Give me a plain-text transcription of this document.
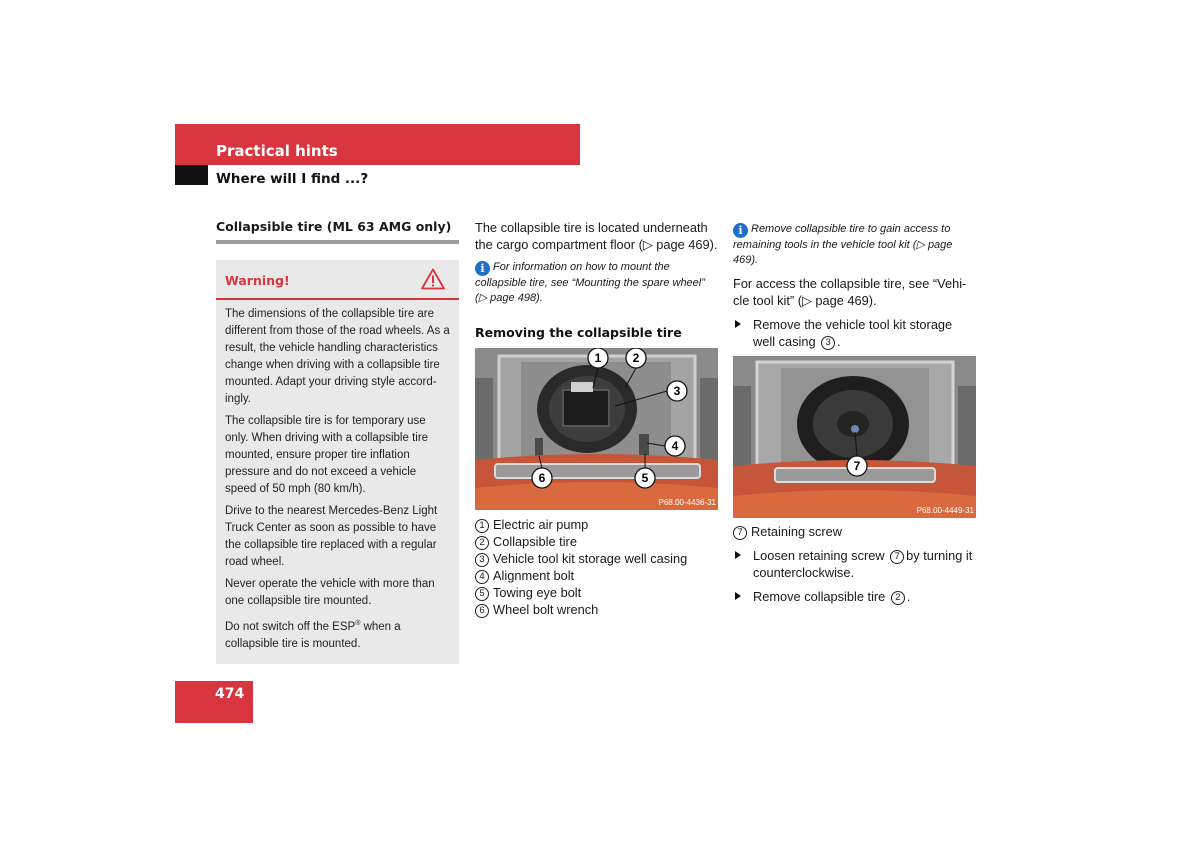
Practical hints
Where will I find ...?
Collapsible tire (ML 63 AMG only)
Warning!

The dimensions of the collapsible tire are different from those of the road wheels. As a result, the vehicle handling characteristics change when driving with a collapsible tire mounted. Adapt your driving style accord-ingly.

The collapsible tire is for temporary use only. When driving with a collapsible tire mounted, ensure proper tire inflation pressure and do not exceed a vehicle speed of 50 mph (80 km/h).

Drive to the nearest Mercedes-Benz Light Truck Center as soon as possible to have the collapsible tire replaced with a regular road wheel.

Never operate the vehicle with more than one collapsible tire mounted.

Do not switch off the ESP® when a collapsible tire is mounted.

The collapsible tire is located underneath the cargo compartment floor (▷ page 469).

i For information on how to mount the collapsible tire, see “Mounting the spare wheel” (▷ page 498).

Removing the collapsible tire

1	2
3
4
5
6
P68.00-4436-31
1 Electric air pump
2 Collapsible tire
3 Vehicle tool kit storage well casing
4 Alignment bolt
5 Towing eye bolt
6 Wheel bolt wrench

i Remove collapsible tire to gain access to remaining tools in the vehicle tool kit (▷ page 469).

For access the collapsible tire, see “Vehi-cle tool kit” (▷ page 469).

Remove the vehicle tool kit storage well casing 3 .
7
P68.00-4449-31
7 Retaining screw
Loosen retaining screw 7 by turning it counterclockwise.
Remove collapsible tire 2 .
474
